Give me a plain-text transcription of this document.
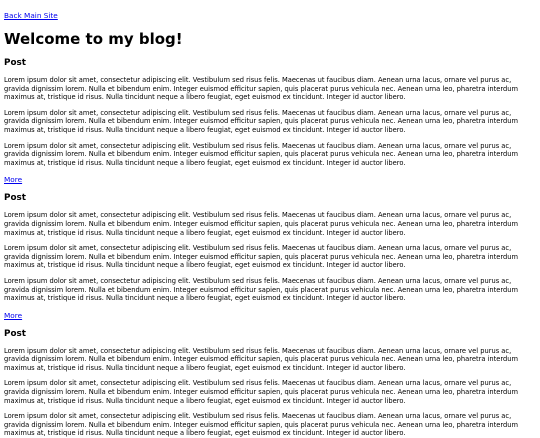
Back Main Site
Welcome to my blog!
Post

Lorem ipsum dolor sit amet, consectetur adipiscing elit. Vestibulum sed risus felis. Maecenas ut faucibus diam. Aenean urna lacus, ornare vel purus ac, gravida dignissim lorem. Nulla et bibendum enim. Integer euismod efficitur sapien, quis placerat purus vehicula nec. Aenean urna leo, pharetra interdum maximus at, tristique id risus. Nulla tincidunt neque a libero feugiat, eget euismod ex tincidunt. Integer id auctor libero.

Lorem ipsum dolor sit amet, consectetur adipiscing elit. Vestibulum sed risus felis. Maecenas ut faucibus diam. Aenean urna lacus, ornare vel purus ac, gravida dignissim lorem. Nulla et bibendum enim. Integer euismod efficitur sapien, quis placerat purus vehicula nec. Aenean urna leo, pharetra interdum maximus at, tristique id risus. Nulla tincidunt neque a libero feugiat, eget euismod ex tincidunt. Integer id auctor libero.

Lorem ipsum dolor sit amet, consectetur adipiscing elit. Vestibulum sed risus felis. Maecenas ut faucibus diam. Aenean urna lacus, ornare vel purus ac, gravida dignissim lorem. Nulla et bibendum enim. Integer euismod efficitur sapien, quis placerat purus vehicula nec. Aenean urna leo, pharetra interdum maximus at, tristique id risus. Nulla tincidunt neque a libero feugiat, eget euismod ex tincidunt. Integer id auctor libero.

More
Post

Lorem ipsum dolor sit amet, consectetur adipiscing elit. Vestibulum sed risus felis. Maecenas ut faucibus diam. Aenean urna lacus, ornare vel purus ac, gravida dignissim lorem. Nulla et bibendum enim. Integer euismod efficitur sapien, quis placerat purus vehicula nec. Aenean urna leo, pharetra interdum maximus at, tristique id risus. Nulla tincidunt neque a libero feugiat, eget euismod ex tincidunt. Integer id auctor libero.

Lorem ipsum dolor sit amet, consectetur adipiscing elit. Vestibulum sed risus felis. Maecenas ut faucibus diam. Aenean urna lacus, ornare vel purus ac, gravida dignissim lorem. Nulla et bibendum enim. Integer euismod efficitur sapien, quis placerat purus vehicula nec. Aenean urna leo, pharetra interdum maximus at, tristique id risus. Nulla tincidunt neque a libero feugiat, eget euismod ex tincidunt. Integer id auctor libero.

Lorem ipsum dolor sit amet, consectetur adipiscing elit. Vestibulum sed risus felis. Maecenas ut faucibus diam. Aenean urna lacus, ornare vel purus ac, gravida dignissim lorem. Nulla et bibendum enim. Integer euismod efficitur sapien, quis placerat purus vehicula nec. Aenean urna leo, pharetra interdum maximus at, tristique id risus. Nulla tincidunt neque a libero feugiat, eget euismod ex tincidunt. Integer id auctor libero.

More
Post

Lorem ipsum dolor sit amet, consectetur adipiscing elit. Vestibulum sed risus felis. Maecenas ut faucibus diam. Aenean urna lacus, ornare vel purus ac, gravida dignissim lorem. Nulla et bibendum enim. Integer euismod efficitur sapien, quis placerat purus vehicula nec. Aenean urna leo, pharetra interdum maximus at, tristique id risus. Nulla tincidunt neque a libero feugiat, eget euismod ex tincidunt. Integer id auctor libero.

Lorem ipsum dolor sit amet, consectetur adipiscing elit. Vestibulum sed risus felis. Maecenas ut faucibus diam. Aenean urna lacus, ornare vel purus ac, gravida dignissim lorem. Nulla et bibendum enim. Integer euismod efficitur sapien, quis placerat purus vehicula nec. Aenean urna leo, pharetra interdum maximus at, tristique id risus. Nulla tincidunt neque a libero feugiat, eget euismod ex tincidunt. Integer id auctor libero.

Lorem ipsum dolor sit amet, consectetur adipiscing elit. Vestibulum sed risus felis. Maecenas ut faucibus diam. Aenean urna lacus, ornare vel purus ac, gravida dignissim lorem. Nulla et bibendum enim. Integer euismod efficitur sapien, quis placerat purus vehicula nec. Aenean urna leo, pharetra interdum maximus at, tristique id risus. Nulla tincidunt neque a libero feugiat, eget euismod ex tincidunt. Integer id auctor libero.
